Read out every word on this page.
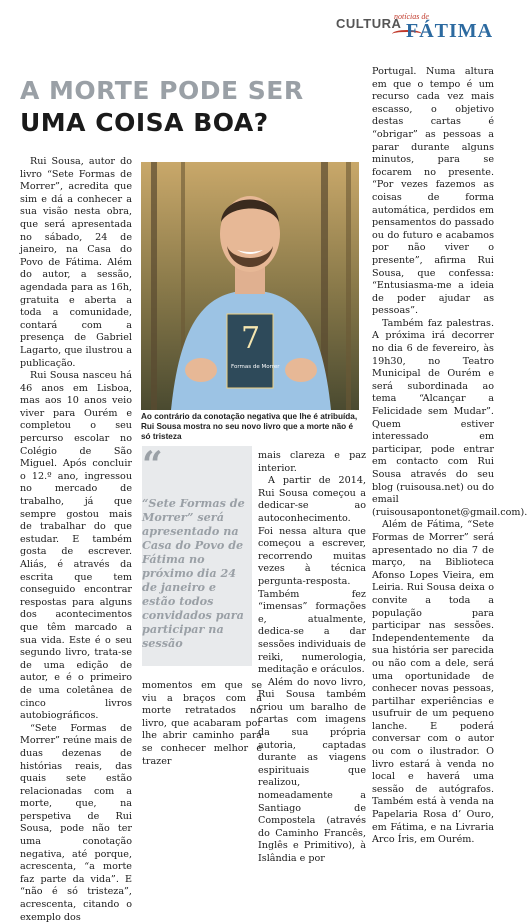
CULTURA
notícias de
FÁTIMA
A MORTE PODE SER
UMA COISA BOA?

Rui Sousa, autor do livro “Sete Formas de Morrer”, acredita que sim e dá a conhecer a sua visão nesta obra, que será apresentada no sábado, 24 de janeiro, na Casa do Povo de Fátima. Além do autor, a sessão, agendada para as 16h, gratuita e aberta a toda a comunidade, contará com a presença de Gabriel Lagarto, que ilustrou a publicação.

Rui Sousa nasceu há 46 anos em Lisboa, mas aos 10 anos veio viver para Ourém e completou o seu percurso escolar no Colégio de São Miguel. Após concluir o 12.º ano, ingressou no mercado de trabalho, já que sempre gostou mais de trabalhar do que estudar. E também gosta de escrever. Aliás, é através da escrita que tem conseguido encontrar respostas para alguns dos acontecimentos que têm marcado a sua vida. Este é o seu segundo livro, trata-se de uma edição de autor, e é o primeiro de uma coletânea de cinco livros autobiográficos.

“Sete Formas de Morrer” reúne mais de duas dezenas de histórias reais, das quais sete estão relacionadas com a morte, que, na perspetiva de Rui Sousa, pode não ter uma conotação negativa, até porque, acrescenta, “a morte faz parte da vida”. E “não é só tristeza”, acrescenta, citando o exemplo dos

7
Formas de Morrer
Ao contrário da conotação negativa que lhe é atribuída, Rui Sousa mostra no seu novo livro que a morte não é só tristeza
“
“Sete Formas de Morrer” será apresentado na Casa do Povo de Fátima no próximo dia 24 de janeiro e estão todos convidados para participar na sessão

momentos em que se viu a braços com a morte retratados no livro, que acabaram por lhe abrir caminho para se conhecer melhor e trazer

mais clareza e paz interior.

A partir de 2014, Rui Sousa começou a dedicar-se ao autoconhecimento. Foi nessa altura que começou a escrever, recorrendo muitas vezes à técnica pergunta-resposta. Também fez “imensas” formações e, atualmente, dedica-se a dar sessões individuais de reiki, numerologia, meditação e oráculos.

Além do novo livro, Rui Sousa também criou um baralho de cartas com imagens da sua própria autoria, captadas durante as viagens espirituais que realizou, nomeadamente a Santiago de Compostela (através do Caminho Francês, Inglês e Primitivo), à Islândia e por

Portugal. Numa altura em que o tempo é um recurso cada vez mais escasso, o objetivo destas cartas é “obrigar” as pessoas a parar durante alguns minutos, para se focarem no presente. “Por vezes fazemos as coisas de forma automática, perdidos em pensamentos do passado ou do futuro e acabamos por não viver o presente”, afirma Rui Sousa, que confessa: “Entusiasma-me a ideia de poder ajudar as pessoas”.

Também faz palestras. A próxima irá decorrer no dia 6 de fevereiro, às 19h30, no Teatro Municipal de Ourém e será subordinada ao tema “Alcançar a Felicidade sem Mudar”. Quem estiver interessado em participar, pode entrar em contacto com Rui Sousa através do seu blog (ruisousa.net) ou do email (ruisousapontonet@gmail.com).

Além de Fátima, “Sete Formas de Morrer” será apresentado no dia 7 de março, na Biblioteca Afonso Lopes Vieira, em Leiria. Rui Sousa deixa o convite a toda a população para participar nas sessões. Independentemente da sua história ser parecida ou não com a dele, será uma oportunidade de conhecer novas pessoas, partilhar experiências e usufruir de um pequeno lanche. E poderá conversar com o autor ou com o ilustrador. O livro estará à venda no local e haverá uma sessão de autógrafos. Também está à venda na Papelaria Rosa d’ Ouro, em Fátima, e na Livraria Arco Íris, em Ourém.
